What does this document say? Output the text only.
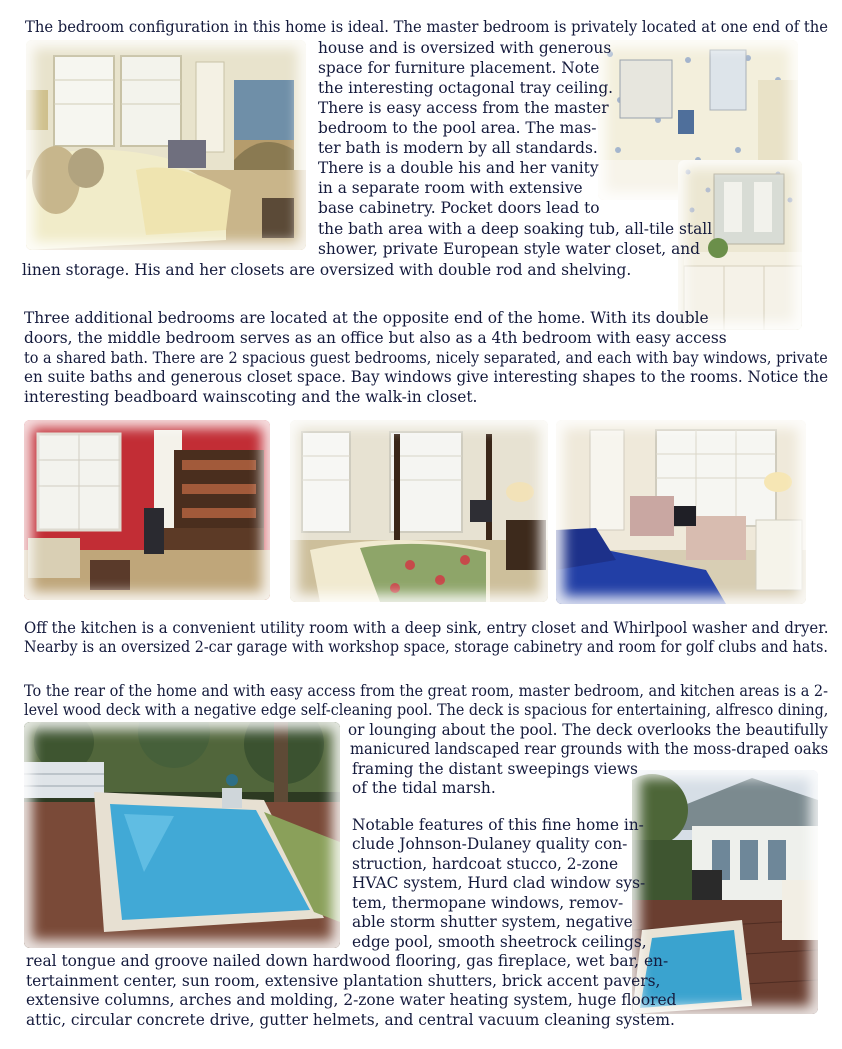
The bedroom configuration in this home is ideal. The master bedroom is privately located at one end of the

house and is oversized with generous

space for furniture placement. Note

the interesting octagonal tray ceiling.

There is easy access from the master

bedroom to the pool area. The mas-

ter bath is modern by all standards.

There is a double his and her vanity

in a separate room with extensive

base cabinetry. Pocket doors lead to

the bath area with a deep soaking tub, all-tile stall

shower, private European style water closet, and

linen storage. His and her closets are oversized with double rod and shelving.

Three additional bedrooms are located at the opposite end of the home. With its double

doors, the middle bedroom serves as an office but also as a 4th bedroom with easy access

to a shared bath. There are 2 spacious guest bedrooms, nicely separated, and each with bay windows, private

en suite baths and generous closet space. Bay windows give interesting shapes to the rooms. Notice the

interesting beadboard wainscoting and the walk-in closet.

Off the kitchen is a convenient utility room with a deep sink, entry closet and Whirlpool washer and dryer.

Nearby is an oversized 2-car garage with workshop space, storage cabinetry and room for golf clubs and hats.

To the rear of the home and with easy access from the great room, master bedroom, and kitchen areas is a 2-

level wood deck with a negative edge self-cleaning pool. The deck is spacious for entertaining, alfresco dining,

or lounging about the pool. The deck overlooks the beautifully

manicured landscaped rear grounds with the moss-draped oaks

framing the distant sweepings views

of the tidal marsh.

Notable features of this fine home in-

clude Johnson-Dulaney quality con-

struction, hardcoat stucco, 2-zone

HVAC system, Hurd clad window sys-

tem, thermopane windows, remov-

able storm shutter system, negative

edge pool, smooth sheetrock ceilings,

real tongue and groove nailed down hardwood flooring, gas fireplace, wet bar, en-

tertainment center, sun room, extensive plantation shutters, brick accent pavers,

extensive columns, arches and molding, 2-zone water heating system, huge floored

attic, circular concrete drive, gutter helmets, and central vacuum cleaning system.
